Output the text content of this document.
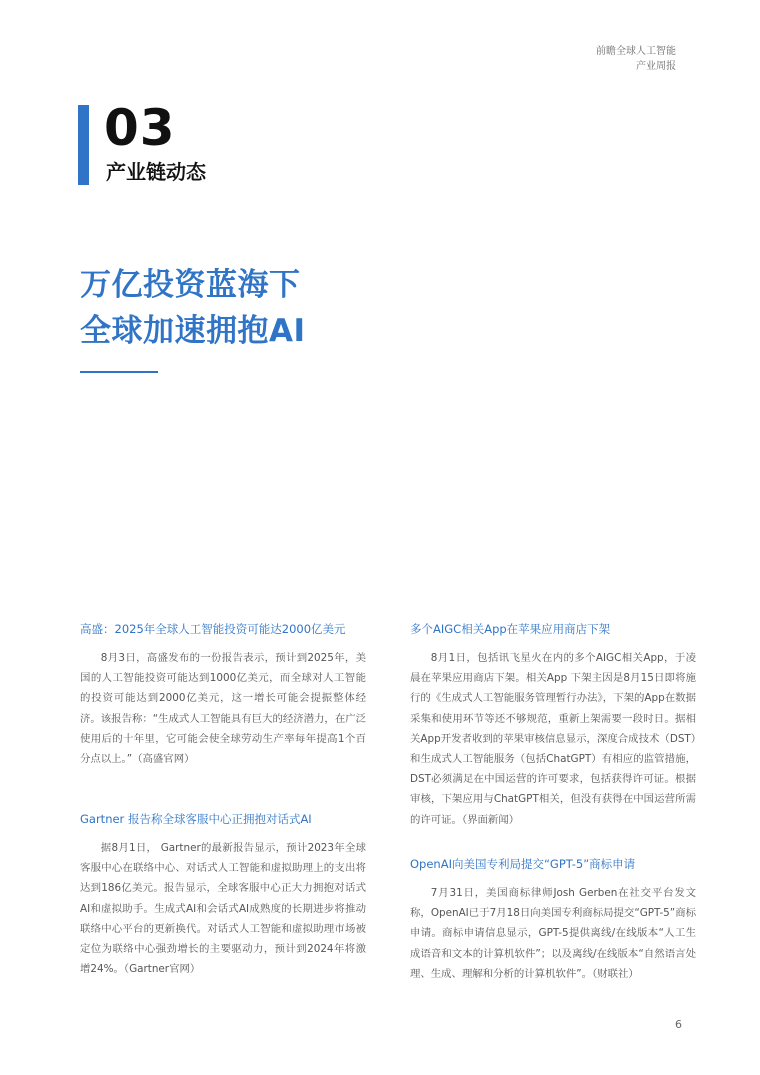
前瞻全球人工智能
产业周报
03
产业链动态
万亿投资蓝海下
全球加速拥抱AI
高盛：2025年全球人工智能投资可能达2000亿美元

8月3日，高盛发布的一份报告表示，预计到2025年，美国的人工智能投资可能达到1000亿美元，而全球对人工智能的投资可能达到2000亿美元，这一增长可能会提振整体经济。该报告称：“生成式人工智能具有巨大的经济潜力，在广泛使用后的十年里，它可能会使全球劳动生产率每年提高1个百分点以上。”（高盛官网）

Gartner 报告称全球客服中心正拥抱对话式AI

据8月1日， Gartner的最新报告显示，预计2023年全球客服中心在联络中心、对话式人工智能和虚拟助理上的支出将达到186亿美元。报告显示，全球客服中心正大力拥抱对话式AI和虚拟助手。生成式AI和会话式AI成熟度的长期进步将推动联络中心平台的更新换代。对话式人工智能和虚拟助理市场被定位为联络中心强劲增长的主要驱动力，预计到2024年将激增24%。（Gartner官网）

多个AIGC相关App在苹果应用商店下架

8月1日，包括讯飞星火在内的多个AIGC相关App，于凌晨在苹果应用商店下架。相关App 下架主因是8月15日即将施行的《生成式人工智能服务管理暂行办法》，下架的App在数据采集和使用环节等还不够规范，重新上架需要一段时日。据相关App开发者收到的苹果审核信息显示，深度合成技术（DST）和生成式人工智能服务（包括ChatGPT）有相应的监管措施，DST必须满足在中国运营的许可要求，包括获得许可证。根据审核，下架应用与ChatGPT相关，但没有获得在中国运营所需的许可证。（界面新闻）

OpenAI向美国专利局提交“GPT-5”商标申请

7月31日，美国商标律师Josh Gerben在社交平台发文称，OpenAI已于7月18日向美国专利商标局提交“GPT-5”商标申请。商标申请信息显示，GPT-5提供离线/在线版本“人工生成语音和文本的计算机软件”；以及离线/在线版本“自然语言处理、生成、理解和分析的计算机软件”。（财联社）

6
